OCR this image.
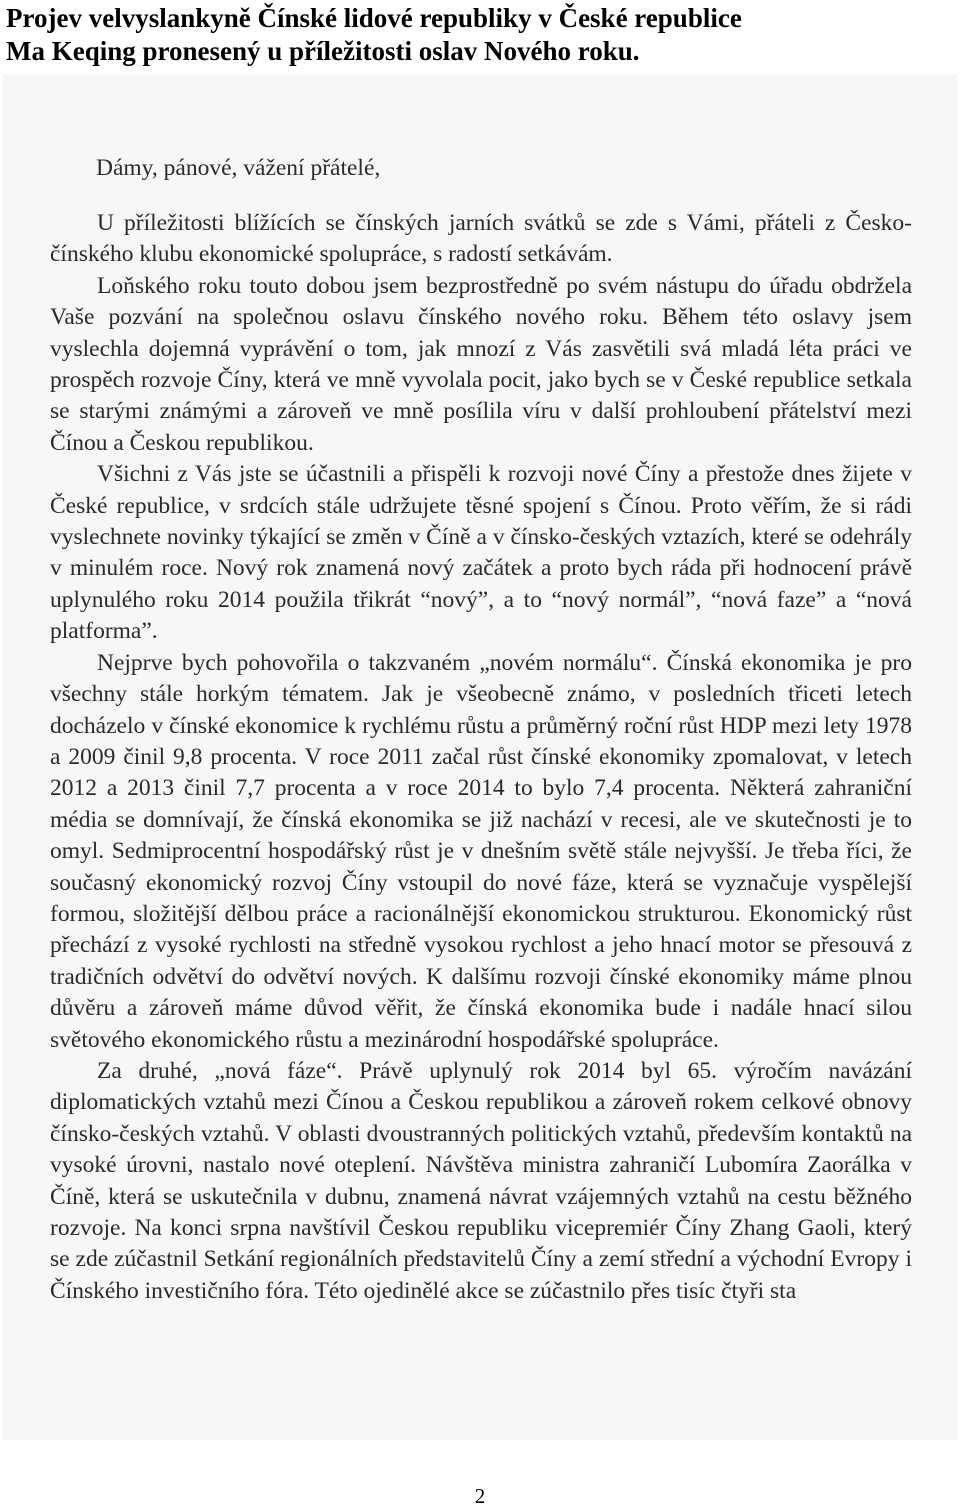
Projev velvyslankyně Čínské lidové republiky v České republice
Ma Keqing pronesený u příležitosti oslav Nového roku.
Dámy, pánové, vážení přátelé,

U příležitosti blížících se čínských jarních svátků se zde s Vámi, přáteli z Česko-čínského klubu ekonomické spolupráce, s radostí setkávám.

Loňského roku touto dobou jsem bezprostředně po svém nástupu do úřadu obdržela Vaše pozvání na společnou oslavu čínského nového roku. Během této oslavy jsem vyslechla dojemná vyprávění o tom, jak mnozí z Vás zasvětili svá mladá léta práci ve prospěch rozvoje Číny, která ve mně vyvolala pocit, jako bych se v České republice setkala se starými známými a zároveň ve mně posílila víru v další prohloubení přátelství mezi Čínou a Českou republikou.

Všichni z Vás jste se účastnili a přispěli k rozvoji nové Číny a přestože dnes žijete v České republice, v srdcích stále udržujete těsné spojení s Čínou. Proto věřím, že si rádi vyslechnete novinky týkající se změn v Číně a v čínsko-českých vztazích, které se odehrály v minulém roce. Nový rok znamená nový začátek a proto bych ráda při hodnocení právě uplynulého roku 2014 použila třikrát “nový”, a to “nový normál”, “nová faze” a “nová platforma”.

Nejprve bych pohovořila o takzvaném „novém normálu“. Čínská ekonomika je pro všechny stále horkým tématem. Jak je všeobecně známo, v posledních třiceti letech docházelo v čínské ekonomice k rychlému růstu a průměrný roční růst HDP mezi lety 1978 a 2009 činil 9,8 procenta. V roce 2011 začal růst čínské ekonomiky zpomalovat, v letech 2012 a 2013 činil 7,7 procenta a v roce 2014 to bylo 7,4 procenta. Některá zahraniční média se domnívají, že čínská ekonomika se již nachází v recesi, ale ve skutečnosti je to omyl. Sedmiprocentní hospodářský růst je v dnešním světě stále nejvyšší. Je třeba říci, že současný ekonomický rozvoj Číny vstoupil do nové fáze, která se vyznačuje vyspělejší formou, složitější dělbou práce a racionálnější ekonomickou strukturou. Ekonomický růst přechází z vysoké rychlosti na středně vysokou rychlost a jeho hnací motor se přesouvá z tradičních odvětví do odvětví nových. K dalšímu rozvoji čínské ekonomiky máme plnou důvěru a zároveň máme důvod věřit, že čínská ekonomika bude i nadále hnací silou světového ekonomického růstu a mezinárodní hospodářské spolupráce.

Za druhé, „nová fáze“. Právě uplynulý rok 2014 byl 65. výročím navázání diplomatických vztahů mezi Čínou a Českou republikou a zároveň rokem celkové obnovy čínsko-českých vztahů. V oblasti dvoustranných politických vztahů, především kontaktů na vysoké úrovni, nastalo nové oteplení. Návštěva ministra zahraničí Lubomíra Zaorálka v Číně, která se uskutečnila v dubnu, znamená návrat vzájemných vztahů na cestu běžného rozvoje. Na konci srpna navštívil Českou republiku vicepremiér Číny Zhang Gaoli, který se zde zúčastnil Setkání regionálních představitelů Číny a zemí střední a východní Evropy i Čínského investičního fóra. Této ojedinělé akce se zúčastnilo přes tisíc čtyři sta

2
